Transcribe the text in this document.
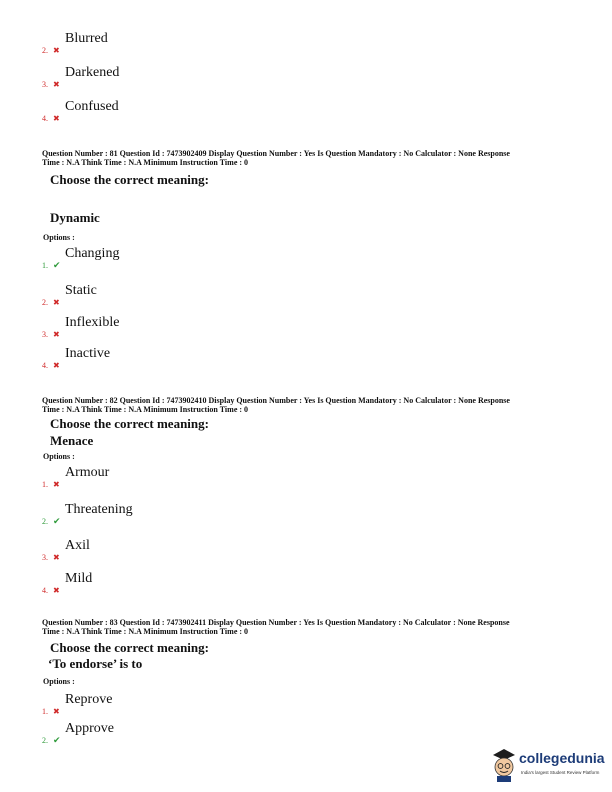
2. ✖
Blurred
3. ✖
Darkened
4. ✖
Confused
Question Number : 81 Question Id : 7473902409 Display Question Number : Yes Is Question Mandatory : No Calculator : None Response
Time : N.A Think Time : N.A Minimum Instruction Time : 0
Choose the correct meaning:
Dynamic
Options :
1. ✔
Changing
2. ✖
Static
3. ✖
Inflexible
4. ✖
Inactive
Question Number : 82 Question Id : 7473902410 Display Question Number : Yes Is Question Mandatory : No Calculator : None Response
Time : N.A Think Time : N.A Minimum Instruction Time : 0
Choose the correct meaning:
Menace
Options :
1. ✖
Armour
2. ✔
Threatening
3. ✖
Axil
4. ✖
Mild
Question Number : 83 Question Id : 7473902411 Display Question Number : Yes Is Question Mandatory : No Calculator : None Response
Time : N.A Think Time : N.A Minimum Instruction Time : 0
Choose the correct meaning:
‘To endorse’ is to
Options :
1. ✖
Reprove
2. ✔
Approve
collegedunia
India's largest Student Review Platform
